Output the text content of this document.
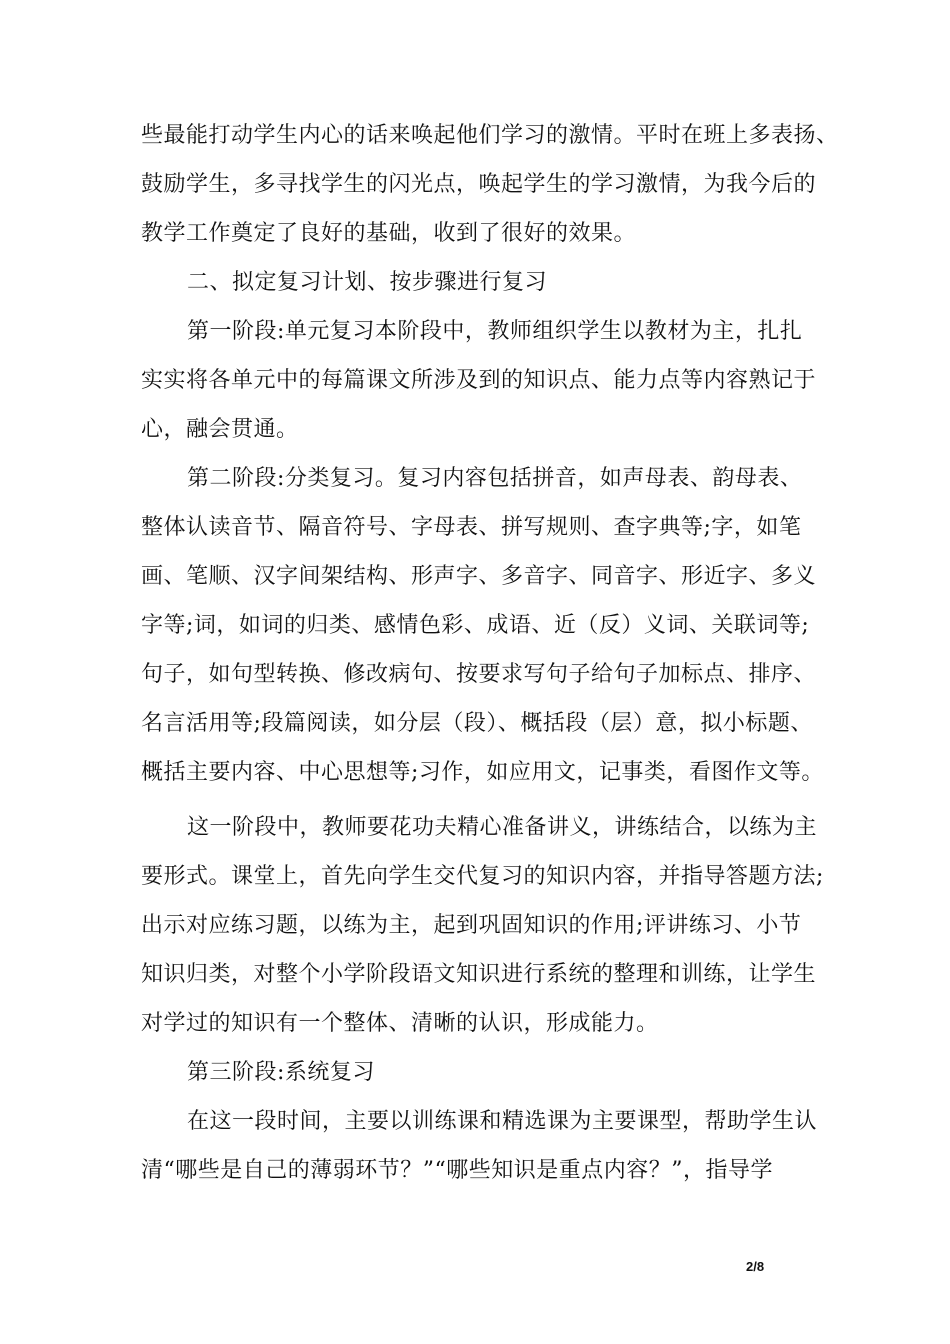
些最能打动学生内心的话来唤起他们学习的激情。平时在班上多表扬、
鼓励学生，多寻找学生的闪光点，唤起学生的学习激情，为我今后的
教学工作奠定了良好的基础，收到了很好的效果。
二、拟定复习计划、按步骤进行复习
第一阶段:单元复习本阶段中，教师组织学生以教材为主，扎扎
实实将各单元中的每篇课文所涉及到的知识点、能力点等内容熟记于
心，融会贯通。
第二阶段:分类复习。复习内容包括拼音，如声母表、韵母表、
整体认读音节、隔音符号、字母表、拼写规则、查字典等;字，如笔
画、笔顺、汉字间架结构、形声字、多音字、同音字、形近字、多义
字等;词，如词的归类、感情色彩、成语、近（反）义词、关联词等;
句子，如句型转换、修改病句、按要求写句子给句子加标点、排序、
名言活用等;段篇阅读，如分层（段）、概括段（层）意，拟小标题、
概括主要内容、中心思想等;习作，如应用文，记事类，看图作文等。
这一阶段中，教师要花功夫精心准备讲义，讲练结合，以练为主
要形式。课堂上，首先向学生交代复习的知识内容，并指导答题方法;
出示对应练习题，以练为主，起到巩固知识的作用;评讲练习、小节
知识归类，对整个小学阶段语文知识进行系统的整理和训练，让学生
对学过的知识有一个整体、清晰的认识，形成能力。
第三阶段:系统复习
在这一段时间，主要以训练课和精选课为主要课型，帮助学生认
清“哪些是自己的薄弱环节？”“哪些知识是重点内容？”，指导学
2/8
